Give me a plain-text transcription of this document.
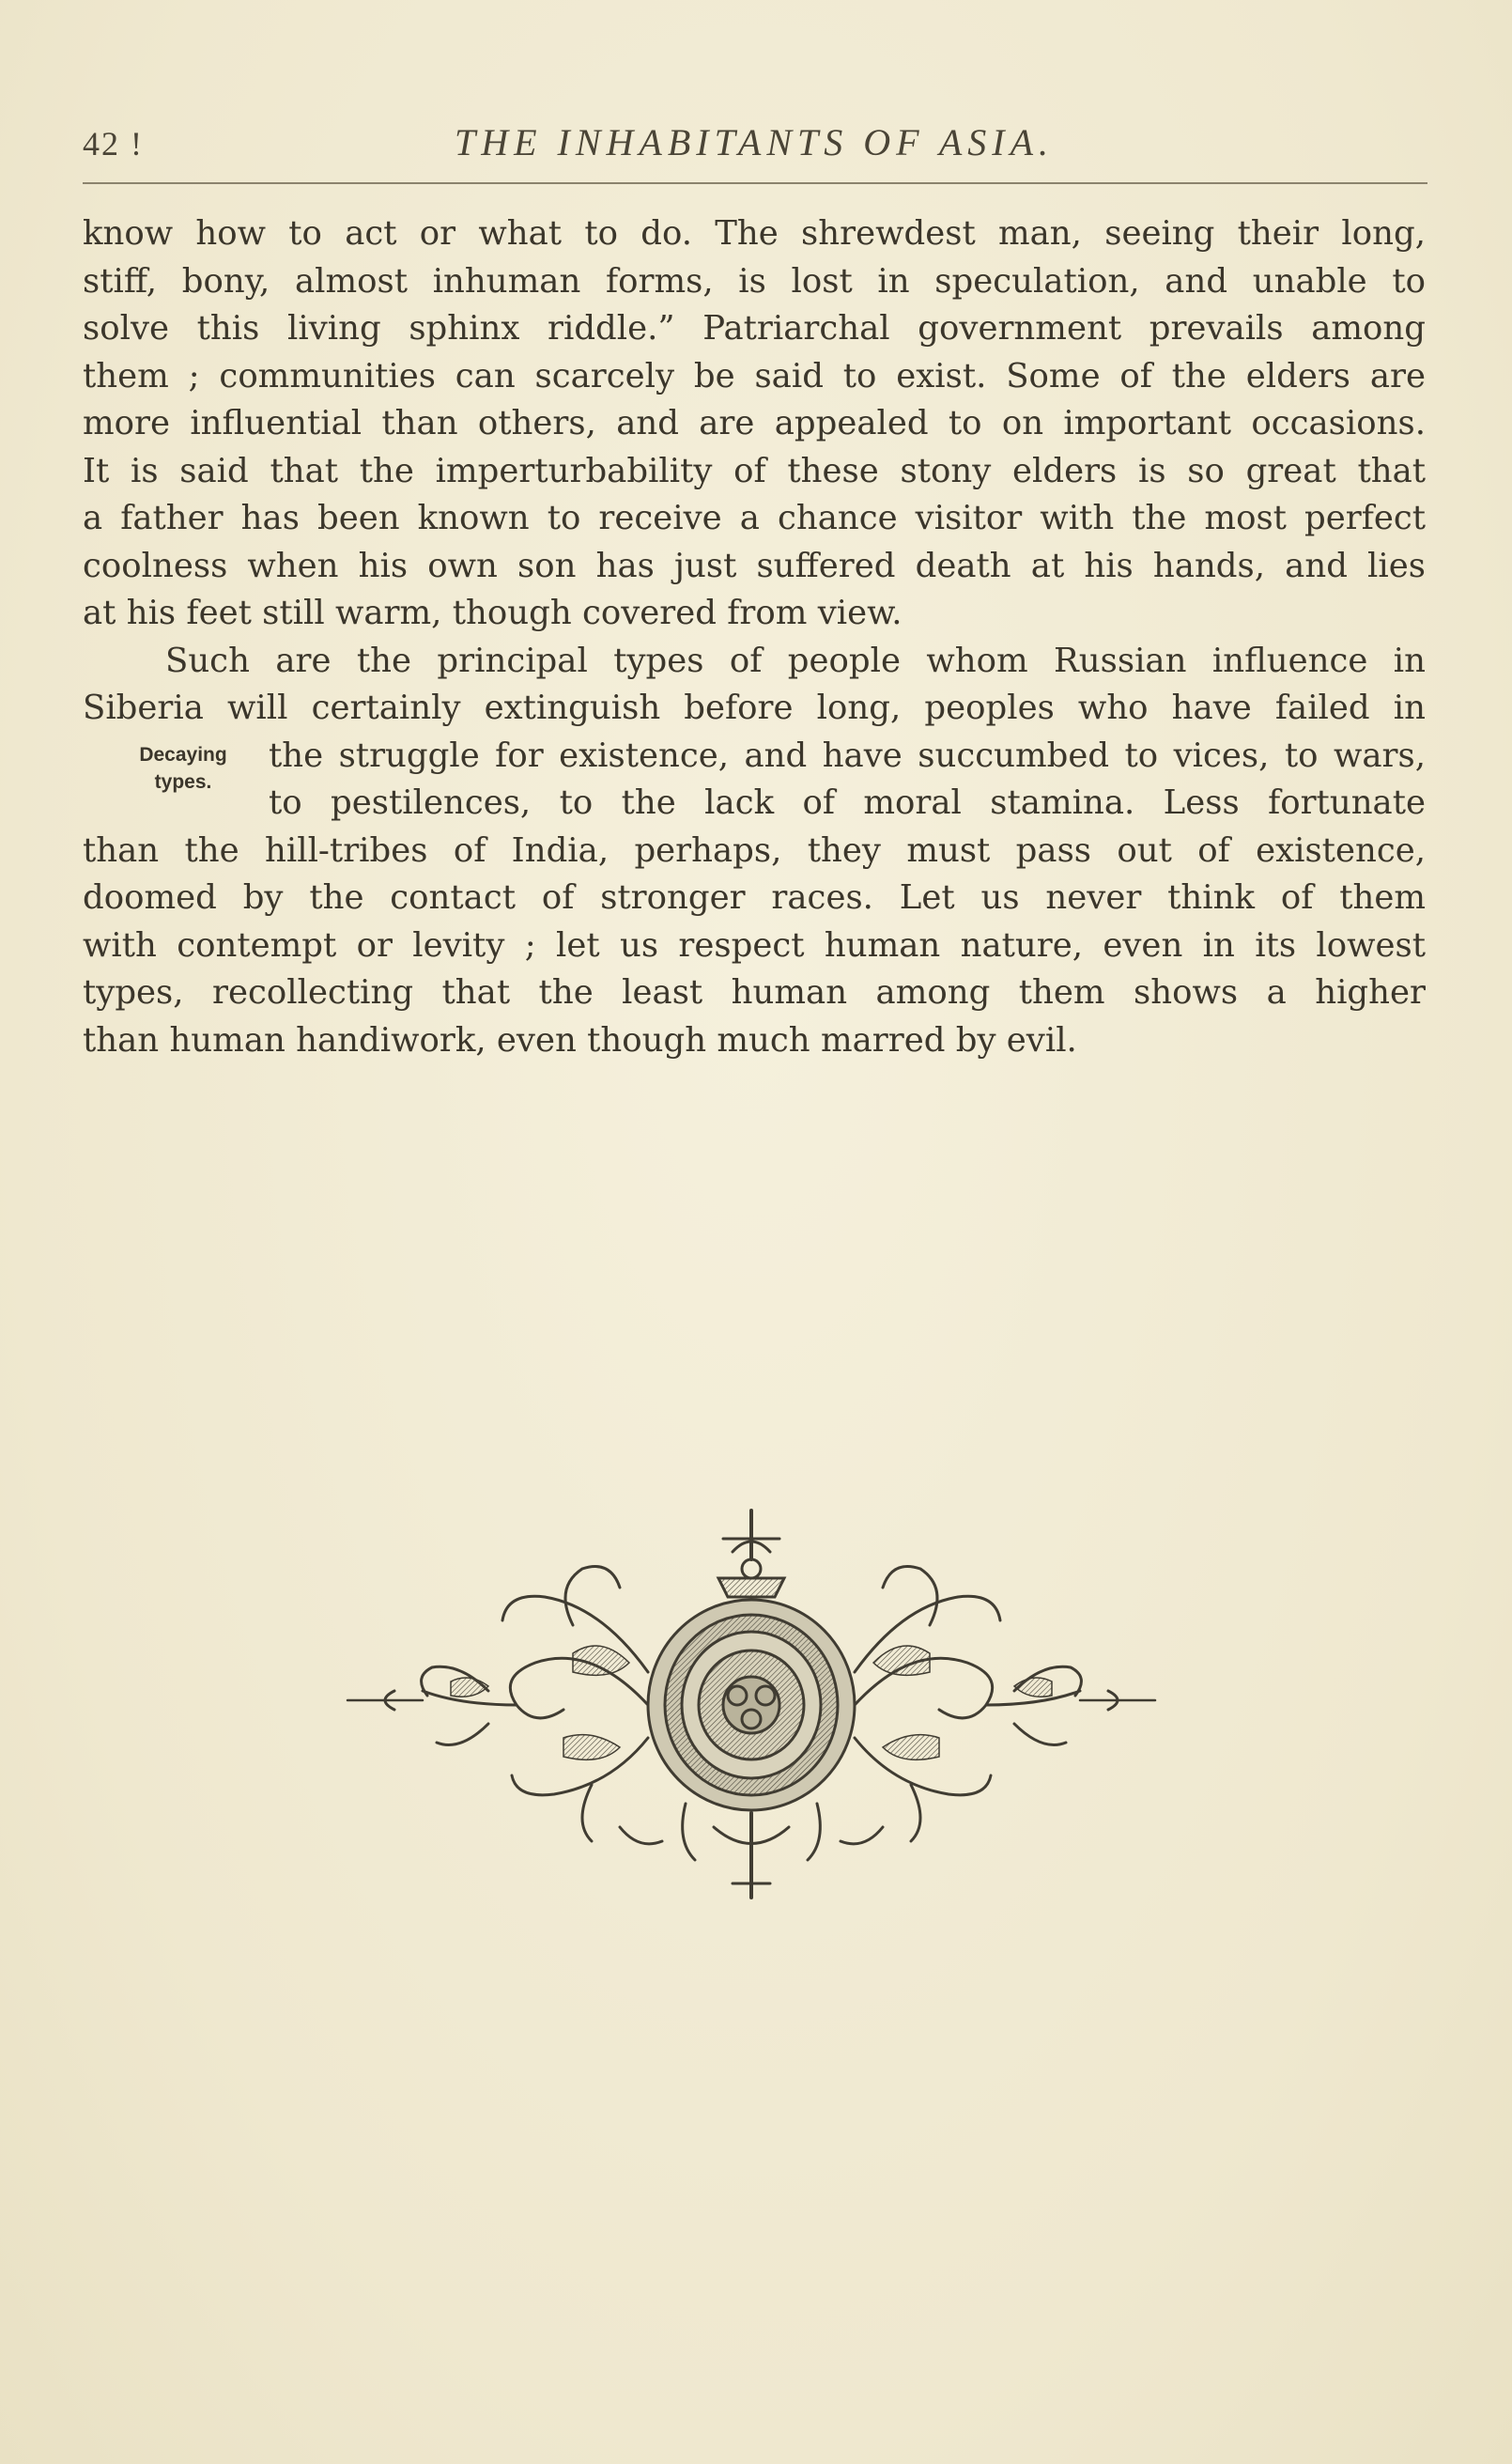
42 !	THE INHABITANTS OF ASIA.
know how to act or what to do. The shrewdest man, seeing their long,
stiff, bony, almost inhuman forms, is lost in speculation, and unable to
solve this living sphinx riddle.” Patriarchal government prevails among
them ; communities can scarcely be said to exist. Some of the elders are
more influential than others, and are appealed to on important occasions.
It is said that the imperturbability of these stony elders is so great that
a father has been known to receive a chance visitor with the most perfect
coolness when his own son has just suffered death at his hands, and lies
at his feet still warm, though covered from view.
Such are the principal types of people whom Russian influence in
Siberia will certainly extinguish before long, peoples who have failed in
the struggle for existence, and have succumbed to vices, to wars,
to pestilences, to the lack of moral stamina. Less fortunate
than the hill-tribes of India, perhaps, they must pass out of existence,
doomed by the contact of stronger races. Let us never think of them
with contempt or levity ; let us respect human nature, even in its lowest
types, recollecting that the least human among them shows a higher
than human handiwork, even though much marred by evil.
Decaying
types.
